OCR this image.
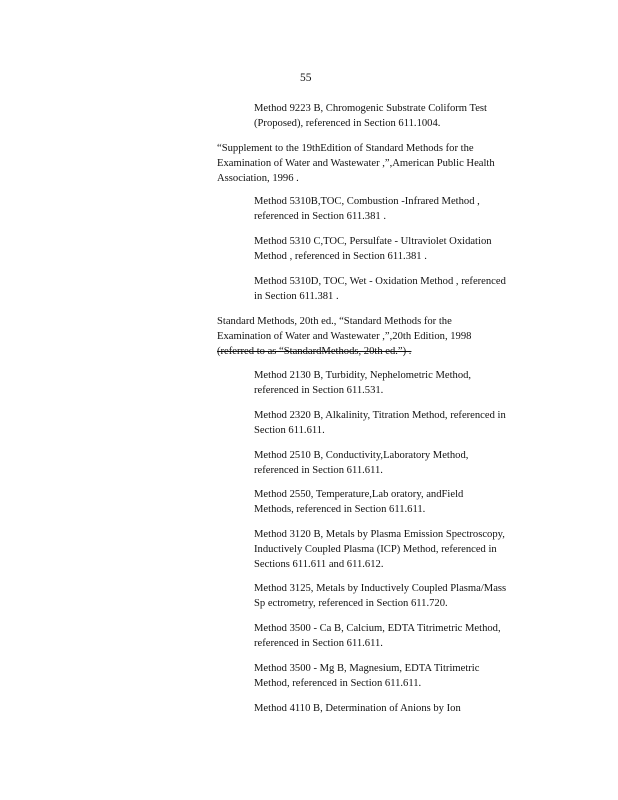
55
Method 9223 B, Chromogenic Substrate Coliform Test
(Proposed), referenced in Section 611.1004.
“Supplement to the 19thEdition of Standard Methods for the
Examination of Water and Wastewater ,”,American Public Health
Association, 1996 .
Method 5310B,TOC, Combustion -Infrared Method ,
referenced in Section 611.381 .
Method 5310 C,TOC, Persulfate - Ultraviolet Oxidation
Method , referenced in Section 611.381 .
Method 5310D, TOC, Wet - Oxidation Method , referenced
in Section 611.381 .
Standard Methods, 20th ed., “Standard Methods for the
Examination of Water and Wastewater ,”,20th Edition, 1998
(referred to as “StandardMethods, 20th ed.”) .
Method 2130 B, Turbidity, Nephelometric Method,
referenced in Section 611.531.
Method 2320 B, Alkalinity, Titration Method, referenced in
Section 611.611.
Method 2510 B, Conductivity,Laboratory Method,
referenced in Section 611.611.
Method 2550, Temperature,Lab oratory, andField
Methods, referenced in Section 611.611.
Method 3120 B, Metals by Plasma Emission Spectroscopy,
Inductively Coupled Plasma (ICP) Method, referenced in
Sections 611.611 and 611.612.
Method 3125, Metals by Inductively Coupled Plasma/Mass
Sp ectrometry, referenced in Section 611.720.
Method 3500 - Ca B, Calcium, EDTA Titrimetric Method,
referenced in Section 611.611.
Method 3500 - Mg B, Magnesium, EDTA Titrimetric
Method, referenced in Section 611.611.
Method 4110 B, Determination of Anions by Ion
